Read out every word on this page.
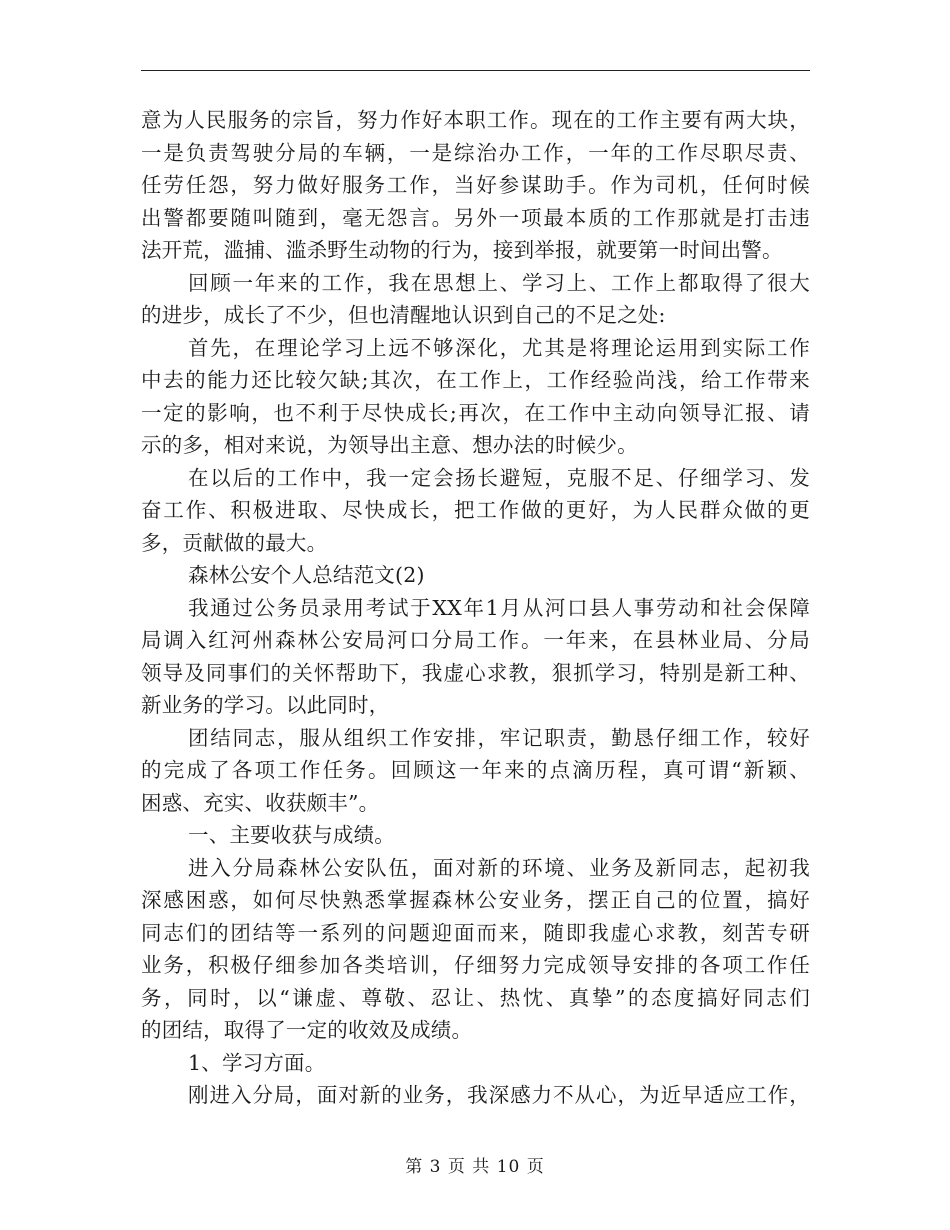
意为人民服务的宗旨，努力作好本职工作。现在的工作主要有两大块，
一是负责驾驶分局的车辆，一是综治办工作，一年的工作尽职尽责、
任劳任怨，努力做好服务工作，当好参谋助手。作为司机，任何时候
出警都要随叫随到，毫无怨言。另外一项最本质的工作那就是打击违
法开荒，滥捕、滥杀野生动物的行为，接到举报，就要第一时间出警。
回顾一年来的工作，我在思想上、学习上、工作上都取得了很大
的进步，成长了不少，但也清醒地认识到自己的不足之处:
首先，在理论学习上远不够深化，尤其是将理论运用到实际工作
中去的能力还比较欠缺;其次，在工作上，工作经验尚浅，给工作带来
一定的影响，也不利于尽快成长;再次，在工作中主动向领导汇报、请
示的多，相对来说，为领导出主意、想办法的时候少。
在以后的工作中，我一定会扬长避短，克服不足、仔细学习、发
奋工作、积极进取、尽快成长，把工作做的更好，为人民群众做的更
多，贡献做的最大。
森林公安个人总结范文(2)
我通过公务员录用考试于XX年1月从河口县人事劳动和社会保障
局调入红河州森林公安局河口分局工作。一年来，在县林业局、分局
领导及同事们的关怀帮助下，我虚心求教，狠抓学习，特别是新工种、
新业务的学习。以此同时，
团结同志，服从组织工作安排，牢记职责，勤恳仔细工作，较好
的完成了各项工作任务。回顾这一年来的点滴历程，真可谓“新颖、
困惑、充实、收获颇丰”。
一、主要收获与成绩。
进入分局森林公安队伍，面对新的环境、业务及新同志，起初我
深感困惑，如何尽快熟悉掌握森林公安业务，摆正自己的位置，搞好
同志们的团结等一系列的问题迎面而来，随即我虚心求教，刻苦专研
业务，积极仔细参加各类培训，仔细努力完成领导安排的各项工作任
务，同时，以“谦虚、尊敬、忍让、热忱、真挚”的态度搞好同志们
的团结，取得了一定的收效及成绩。
1、学习方面。
刚进入分局，面对新的业务，我深感力不从心，为近早适应工作，
第 3 页 共 10 页
